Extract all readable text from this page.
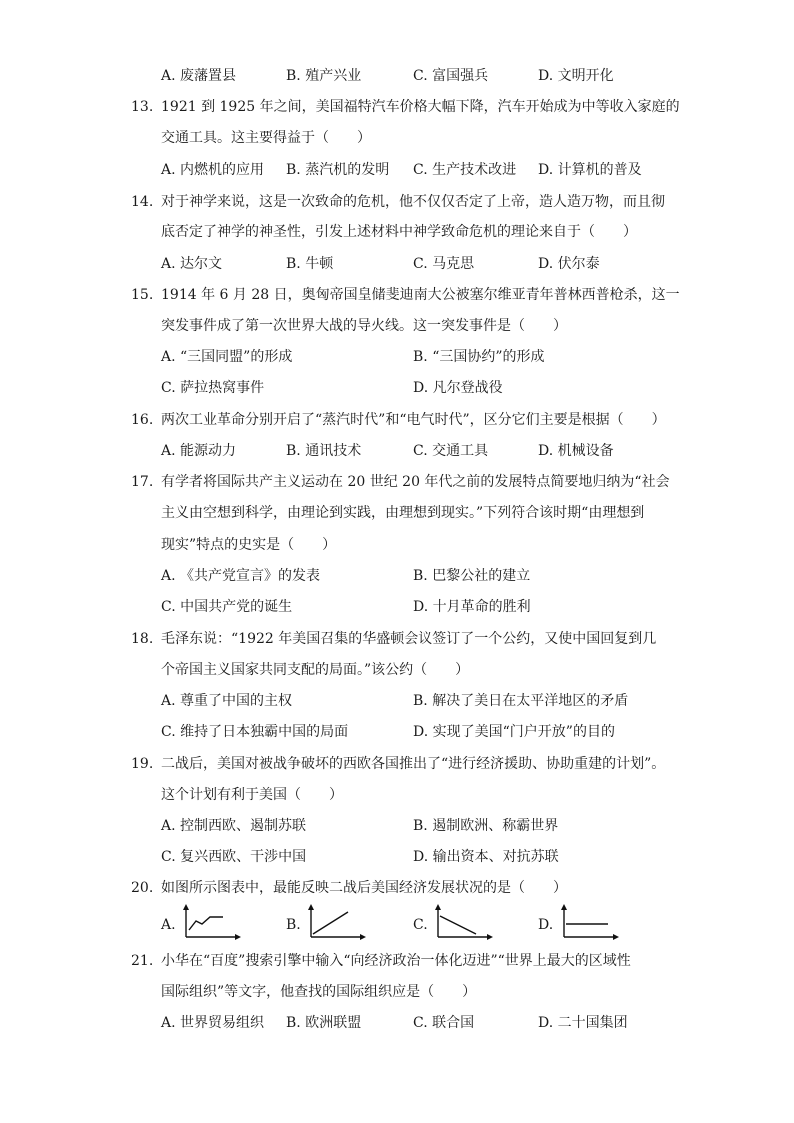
A. 废藩置县	B. 殖产兴业	C. 富国强兵	D. 文明开化
13. 1921 到 1925 年之间，美国福特汽车价格大幅下降，汽车开始成为中等收入家庭的
交通工具。这主要得益于（　　）
A. 内燃机的应用 B. 蒸汽机的发明 C. 生产技术改进 D. 计算机的普及
14. 对于神学来说，这是一次致命的危机，他不仅仅否定了上帝，造人造万物，而且彻
底否定了神学的神圣性，引发上述材料中神学致命危机的理论来自于（　　）
A. 达尔文	B. 牛顿	C. 马克思	D. 伏尔泰
15. 1914 年 6 月 28 日，奥匈帝国皇储斐迪南大公被塞尔维亚青年普林西普枪杀，这一
突发事件成了第一次世界大战的导火线。这一突发事件是（　　）
A. “三国同盟”的形成	B. “三国协约”的形成
C. 萨拉热窝事件	D. 凡尔登战役
16. 两次工业革命分别开启了“蒸汽时代”和“电气时代”，区分它们主要是根据（　　）
A. 能源动力	B. 通讯技术	C. 交通工具	D. 机械设备
17. 有学者将国际共产主义运动在 20 世纪 20 年代之前的发展特点简要地归纳为“社会
主义由空想到科学，由理论到实践，由理想到现实。”下列符合该时期“由理想到
现实”特点的史实是（　　）
A. 《共产党宣言》的发表	B. 巴黎公社的建立
C. 中国共产党的诞生	D. 十月革命的胜利
18. 毛泽东说：“1922 年美国召集的华盛顿会议签订了一个公约，又使中国回复到几
个帝国主义国家共同支配的局面。”该公约（　　）
A. 尊重了中国的主权	B. 解决了美日在太平洋地区的矛盾
C. 维持了日本独霸中国的局面	D. 实现了美国“门户开放”的目的
19. 二战后，美国对被战争破坏的西欧各国推出了“进行经济援助、协助重建的计划”。
这个计划有利于美国（　　）
A. 控制西欧、遏制苏联	B. 遏制欧洲、称霸世界
C. 复兴西欧、干涉中国	D. 输出资本、对抗苏联
20. 如图所示图表中，最能反映二战后美国经济发展状况的是（　　）
A.	B.	C.	D.
21. 小华在“百度”搜索引擎中输入“向经济政治一体化迈进”“世界上最大的区域性
国际组织”等文字，他查找的国际组织应是（　　）
A. 世界贸易组织 B. 欧洲联盟	C. 联合国	D. 二十国集团
